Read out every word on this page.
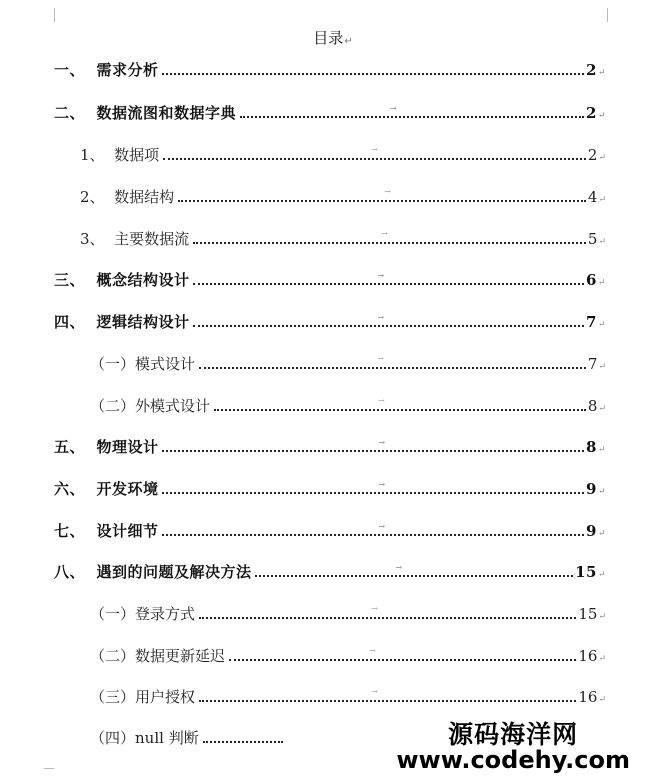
目录↵
一、 需求分析	2 ↵
二、 数据流图和数据字典	→	2 ↵
1、 数据项	→	2 ↵
2、 数据结构	→	4 ↵
3、 主要数据流	→	5 ↵
三、 概念结构设计	→	6 ↵
四、 逻辑结构设计	→	7 ↵
（一） 模式设计	→	7 ↵
（二） 外模式设计	→	8 ↵
五、 物理设计	→	8 ↵
六、 开发环境	→	9 ↵
七、 设计细节	→	9 ↵
八、 遇到的问题及解决方法	→	15 ↵
（一） 登录方式	→	15 ↵
（二） 数据更新延迟	→	16 ↵
（三） 用户授权	→	16 ↵
（四） null 判断	源码海洋网
www.codehy.com
